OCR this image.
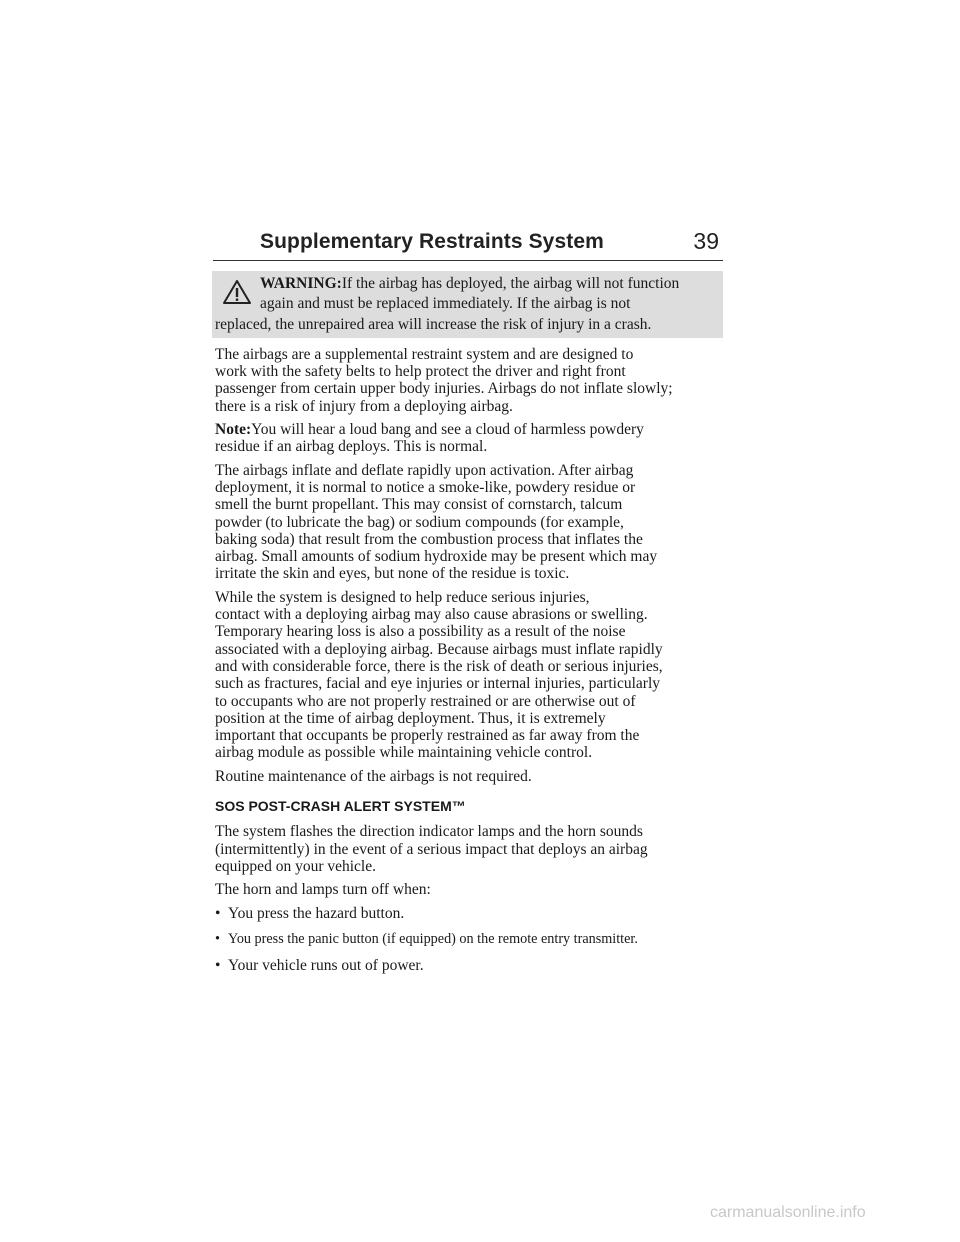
Supplementary Restraints System	39
WARNING:If the airbag has deployed, the airbag will not function
again and must be replaced immediately. If the airbag is not
replaced, the unrepaired area will increase the risk of injury in a crash.

The airbags are a supplemental restraint system and are designed to
work with the safety belts to help protect the driver and right front
passenger from certain upper body injuries. Airbags do not inflate slowly;
there is a risk of injury from a deploying airbag.

Note:You will hear a loud bang and see a cloud of harmless powdery
residue if an airbag deploys. This is normal.

The airbags inflate and deflate rapidly upon activation. After airbag
deployment, it is normal to notice a smoke-like, powdery residue or
smell the burnt propellant. This may consist of cornstarch, talcum
powder (to lubricate the bag) or sodium compounds (for example,
baking soda) that result from the combustion process that inflates the
airbag. Small amounts of sodium hydroxide may be present which may
irritate the skin and eyes, but none of the residue is toxic.

While the system is designed to help reduce serious injuries,
contact with a deploying airbag may also cause abrasions or swelling.
Temporary hearing loss is also a possibility as a result of the noise
associated with a deploying airbag. Because airbags must inflate rapidly
and with considerable force, there is the risk of death or serious injuries,
such as fractures, facial and eye injuries or internal injuries, particularly
to occupants who are not properly restrained or are otherwise out of
position at the time of airbag deployment. Thus, it is extremely
important that occupants be properly restrained as far away from the
airbag module as possible while maintaining vehicle control.

Routine maintenance of the airbags is not required.

SOS POST-CRASH ALERT SYSTEM™

The system flashes the direction indicator lamps and the horn sounds
(intermittently) in the event of a serious impact that deploys an airbag
equipped on your vehicle.

The horn and lamps turn off when:

• You press the hazard button.
• You press the panic button (if equipped) on the remote entry transmitter.
• Your vehicle runs out of power.
carmanualsonline.info
